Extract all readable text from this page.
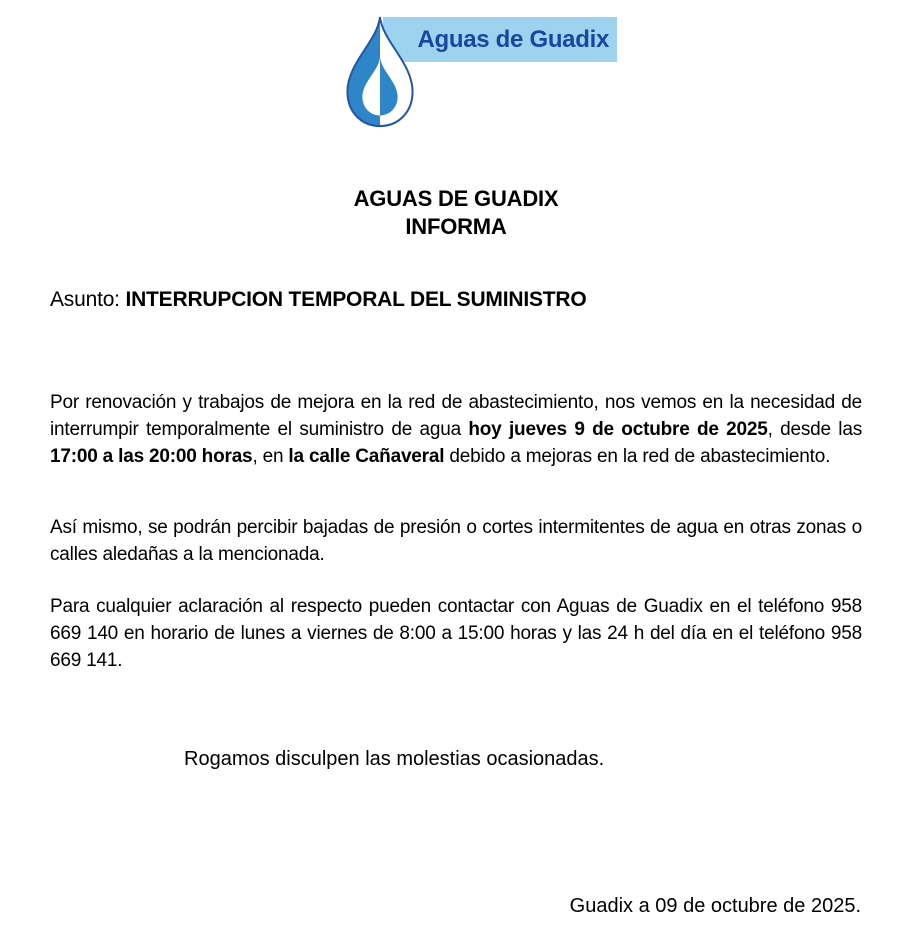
Aguas de Guadix
AGUAS DE GUADIX
INFORMA
Asunto: INTERRUPCION TEMPORAL DEL SUMINISTRO

Por renovación y trabajos de mejora en la red de abastecimiento, nos vemos en la necesidad de interrumpir temporalmente el suministro de agua hoy jueves 9 de octubre de 2025, desde las 17:00 a las 20:00 horas, en la calle Cañaveral debido a mejoras en la red de abastecimiento.

Así mismo, se podrán percibir bajadas de presión o cortes intermitentes de agua en otras zonas o calles aledañas a la mencionada.

Para cualquier aclaración al respecto pueden contactar con Aguas de Guadix en el teléfono 958 669 140 en horario de lunes a viernes de 8:00 a 15:00 horas y las 24 h del día en el teléfono 958 669 141.

Rogamos disculpen las molestias ocasionadas.
Guadix a 09 de octubre de 2025.
